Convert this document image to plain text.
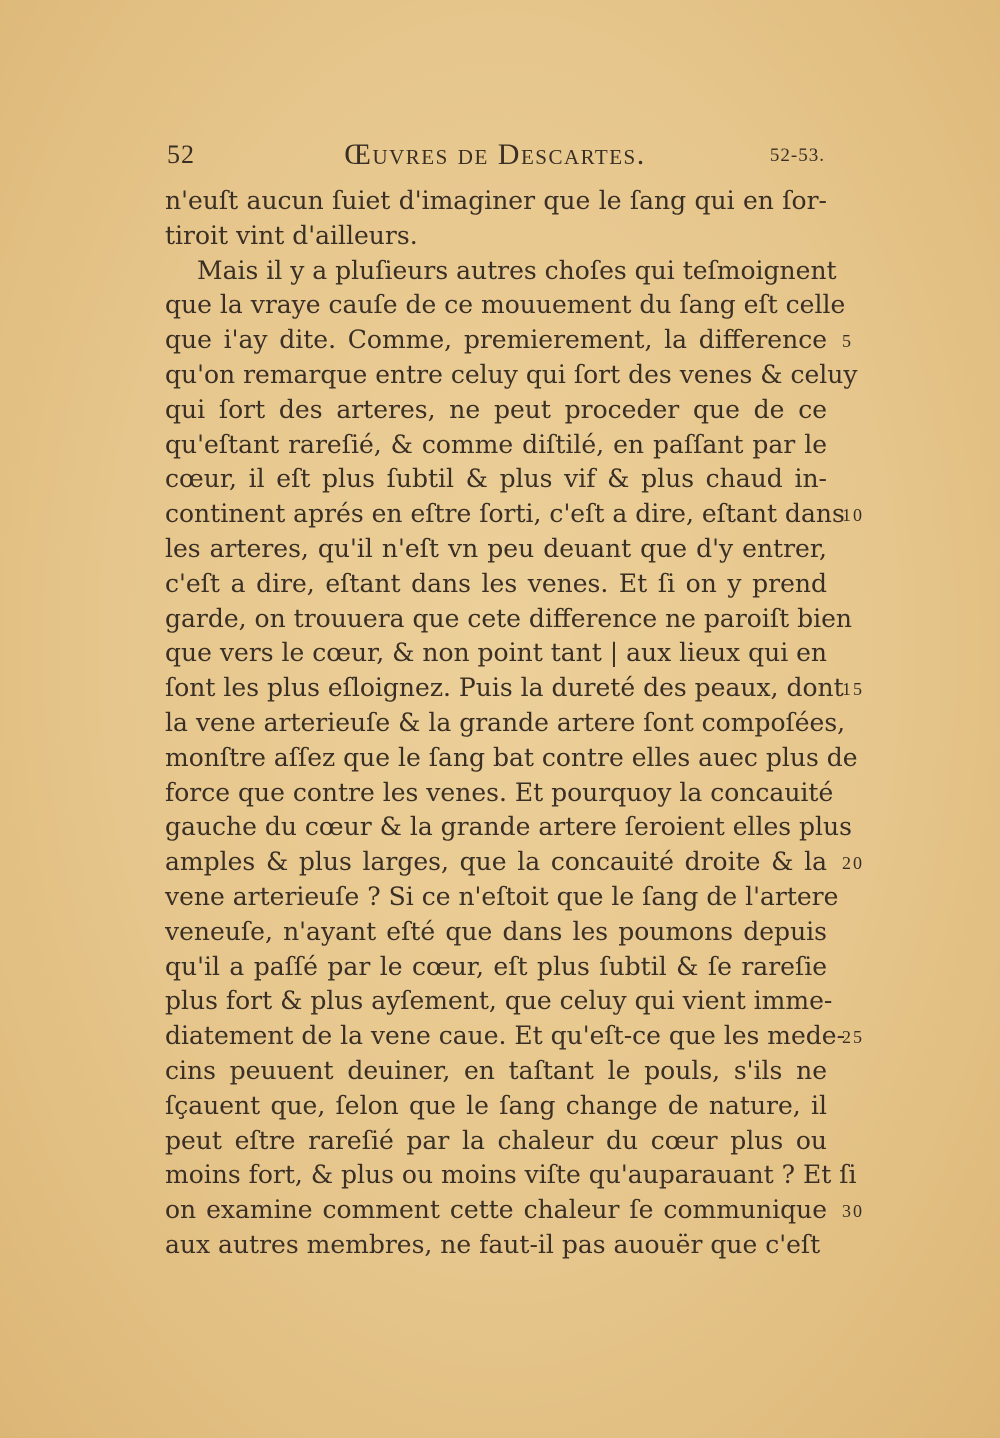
52	Œuvres de Descartes.	52-53.
n'euſt aucun ſuiet d'imaginer que le ſang qui en ſor-
tiroit vint d'ailleurs.
Mais il y a pluſieurs autres choſes qui teſmoignent
que la vraye cauſe de ce mouuement du ſang eſt celle
que i'ay dite. Comme, premierement, la difference
qu'on remarque entre celuy qui ſort des venes & celuy
qui ſort des arteres, ne peut proceder que de ce
qu'eſtant rareſié, & comme diſtilé, en paſſant par le
cœur, il eſt plus ſubtil & plus vif & plus chaud in-
continent aprés en eſtre ſorti, c'eſt a dire, eſtant dans
les arteres, qu'il n'eſt vn peu deuant que d'y entrer,
c'eſt a dire, eſtant dans les venes. Et ſi on y prend
garde, on trouuera que cete difference ne paroiſt bien
que vers le cœur, & non point tant | aux lieux qui en
ſont les plus eſloignez. Puis la dureté des peaux, dont
la vene arterieuſe & la grande artere ſont compoſées,
monſtre aſſez que le ſang bat contre elles auec plus de
force que contre les venes. Et pourquoy la concauité
gauche du cœur & la grande artere ſeroient elles plus
amples & plus larges, que la concauité droite & la
vene arterieuſe ? Si ce n'eſtoit que le ſang de l'artere
veneuſe, n'ayant eſté que dans les poumons depuis
qu'il a paſſé par le cœur, eſt plus ſubtil & ſe rareſie
plus fort & plus ayſement, que celuy qui vient imme-
diatement de la vene caue. Et qu'eſt-ce que les mede-
cins peuuent deuiner, en taſtant le pouls, s'ils ne
ſçauent que, ſelon que le ſang change de nature, il
peut eſtre rareſié par la chaleur du cœur plus ou
moins fort, & plus ou moins viſte qu'auparauant ? Et ſi
on examine comment cette chaleur ſe communique
aux autres membres, ne faut-il pas auouër que c'eſt
5
10
15
20
25
30
